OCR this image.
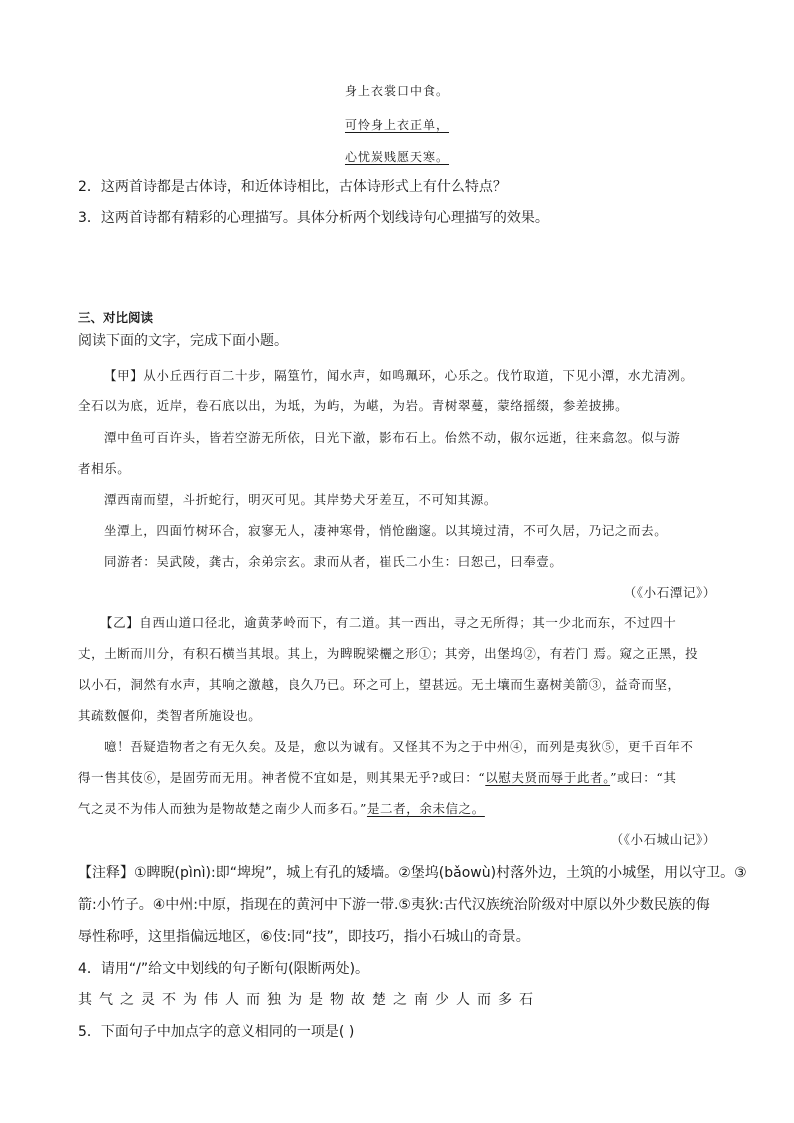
身上衣裳口中食。
可怜身上衣正单，
心忧炭贱愿天寒。
2．这两首诗都是古体诗，和近体诗相比，古体诗形式上有什么特点？
3．这两首诗都有精彩的心理描写。具体分析两个划线诗句心理描写的效果。
三、对比阅读
阅读下面的文字，完成下面小题。
【甲】从小丘西行百二十步，隔篁竹，闻水声，如鸣珮环，心乐之。伐竹取道，下见小潭，水尤清冽。
全石以为底，近岸，卷石底以出，为坻，为屿，为嵁，为岩。青树翠蔓，蒙络摇缀，参差披拂。
潭中鱼可百许头，皆若空游无所依，日光下澈，影布石上。佁然不动，俶尔远逝，往来翕忽。似与游
者相乐。
潭西南而望，斗折蛇行，明灭可见。其岸势犬牙差互，不可知其源。
坐潭上，四面竹树环合，寂寥无人，凄神寒骨，悄怆幽邃。以其境过清，不可久居，乃记之而去。
同游者：吴武陵，龚古，余弟宗玄。隶而从者，崔氏二小生：曰恕己，曰奉壹。
（《小石潭记》）
【乙】自西山道口径北，逾黄茅岭而下，有二道。其一西出，寻之无所得；其一少北而东，不过四十
丈，土断而川分，有积石横当其垠。其上，为睥睨梁欐之形①；其旁，出堡坞②，有若门 焉。窥之正黑，投
以小石，洞然有水声，其响之激越，良久乃已。环之可上，望甚远。无土壤而生嘉树美箭③，益奇而坚，
其疏数偃仰，类智者所施设也。
噫！吾疑造物者之有无久矣。及是，愈以为诚有。又怪其不为之于中州④，而列是夷狄⑤，更千百年不
得一售其伎⑥，是固劳而无用。神者傥不宜如是，则其果无乎?或曰：“以慰夫贤而辱于此者。”或曰：“其
气之灵不为伟人而独为是物故楚之南少人而多石。”是二者，余未信之。
（《小石城山记》）
【注释】①睥睨(pìnì):即“埤堄”，城上有孔的矮墙。②堡坞(bǎowù)村落外边，土筑的小城堡，用以守卫。③
箭:小竹子。④中州:中原，指现在的黄河中下游一带.⑤夷狄:古代汉族统治阶级对中原以外少数民族的侮
辱性称呼，这里指偏远地区，⑥伎:同“技”，即技巧，指小石城山的奇景。
4．请用“/”给文中划线的句子断句(限断两处)。
其气之灵不为伟人而独为是物故楚之南少人而多石
5．下面句子中加点字的意义相同的一项是( )
